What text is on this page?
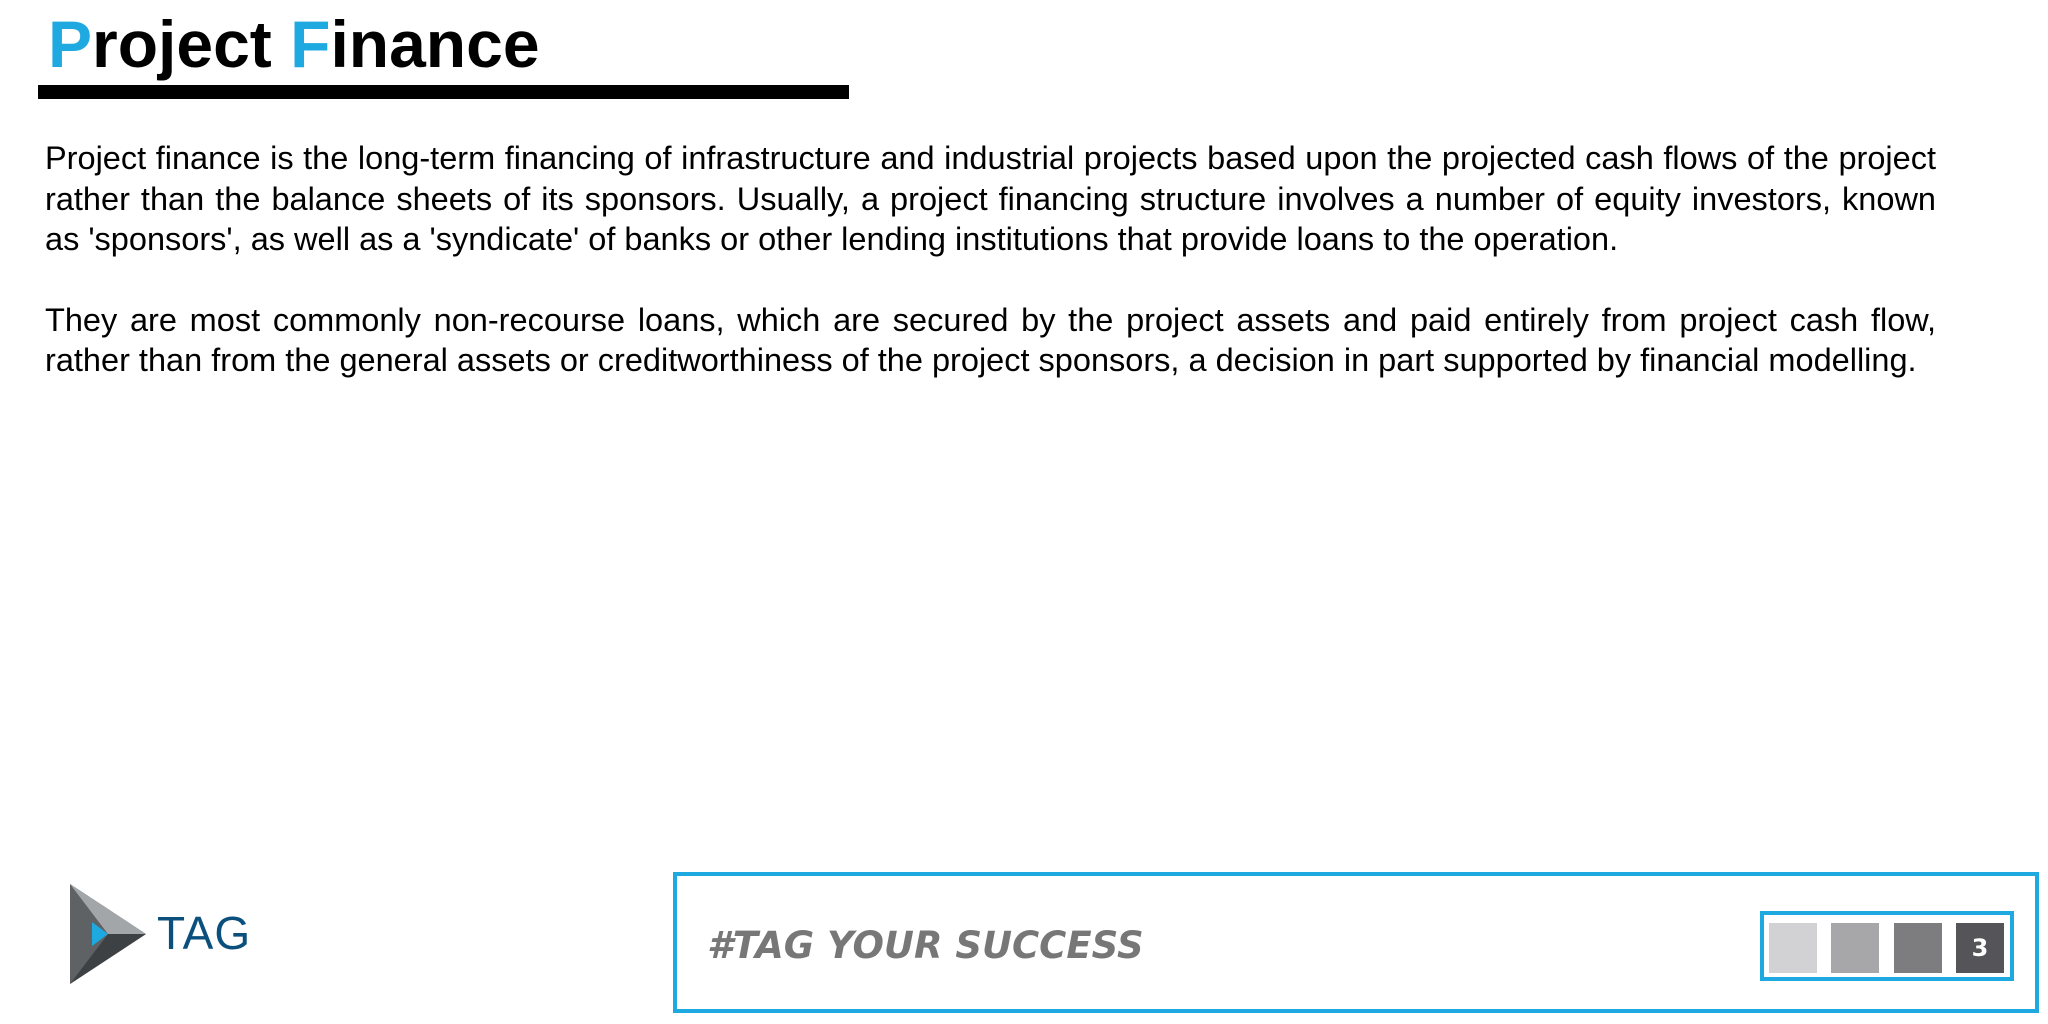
Project Finance

Project finance is the long-term financing of infrastructure and industrial projects based upon the projected cash flows of the project rather than the balance sheets of its sponsors. Usually, a project financing structure involves a number of equity investors, known as 'sponsors', as well as a 'syndicate' of banks or other lending institutions that provide loans to the operation.

They are most commonly non-recourse loans, which are secured by the project assets and paid entirely from project cash flow, rather than from the general assets or creditworthiness of the project sponsors, a decision in part supported by financial modelling.

TAG	#TAG YOUR SUCCESS	3
